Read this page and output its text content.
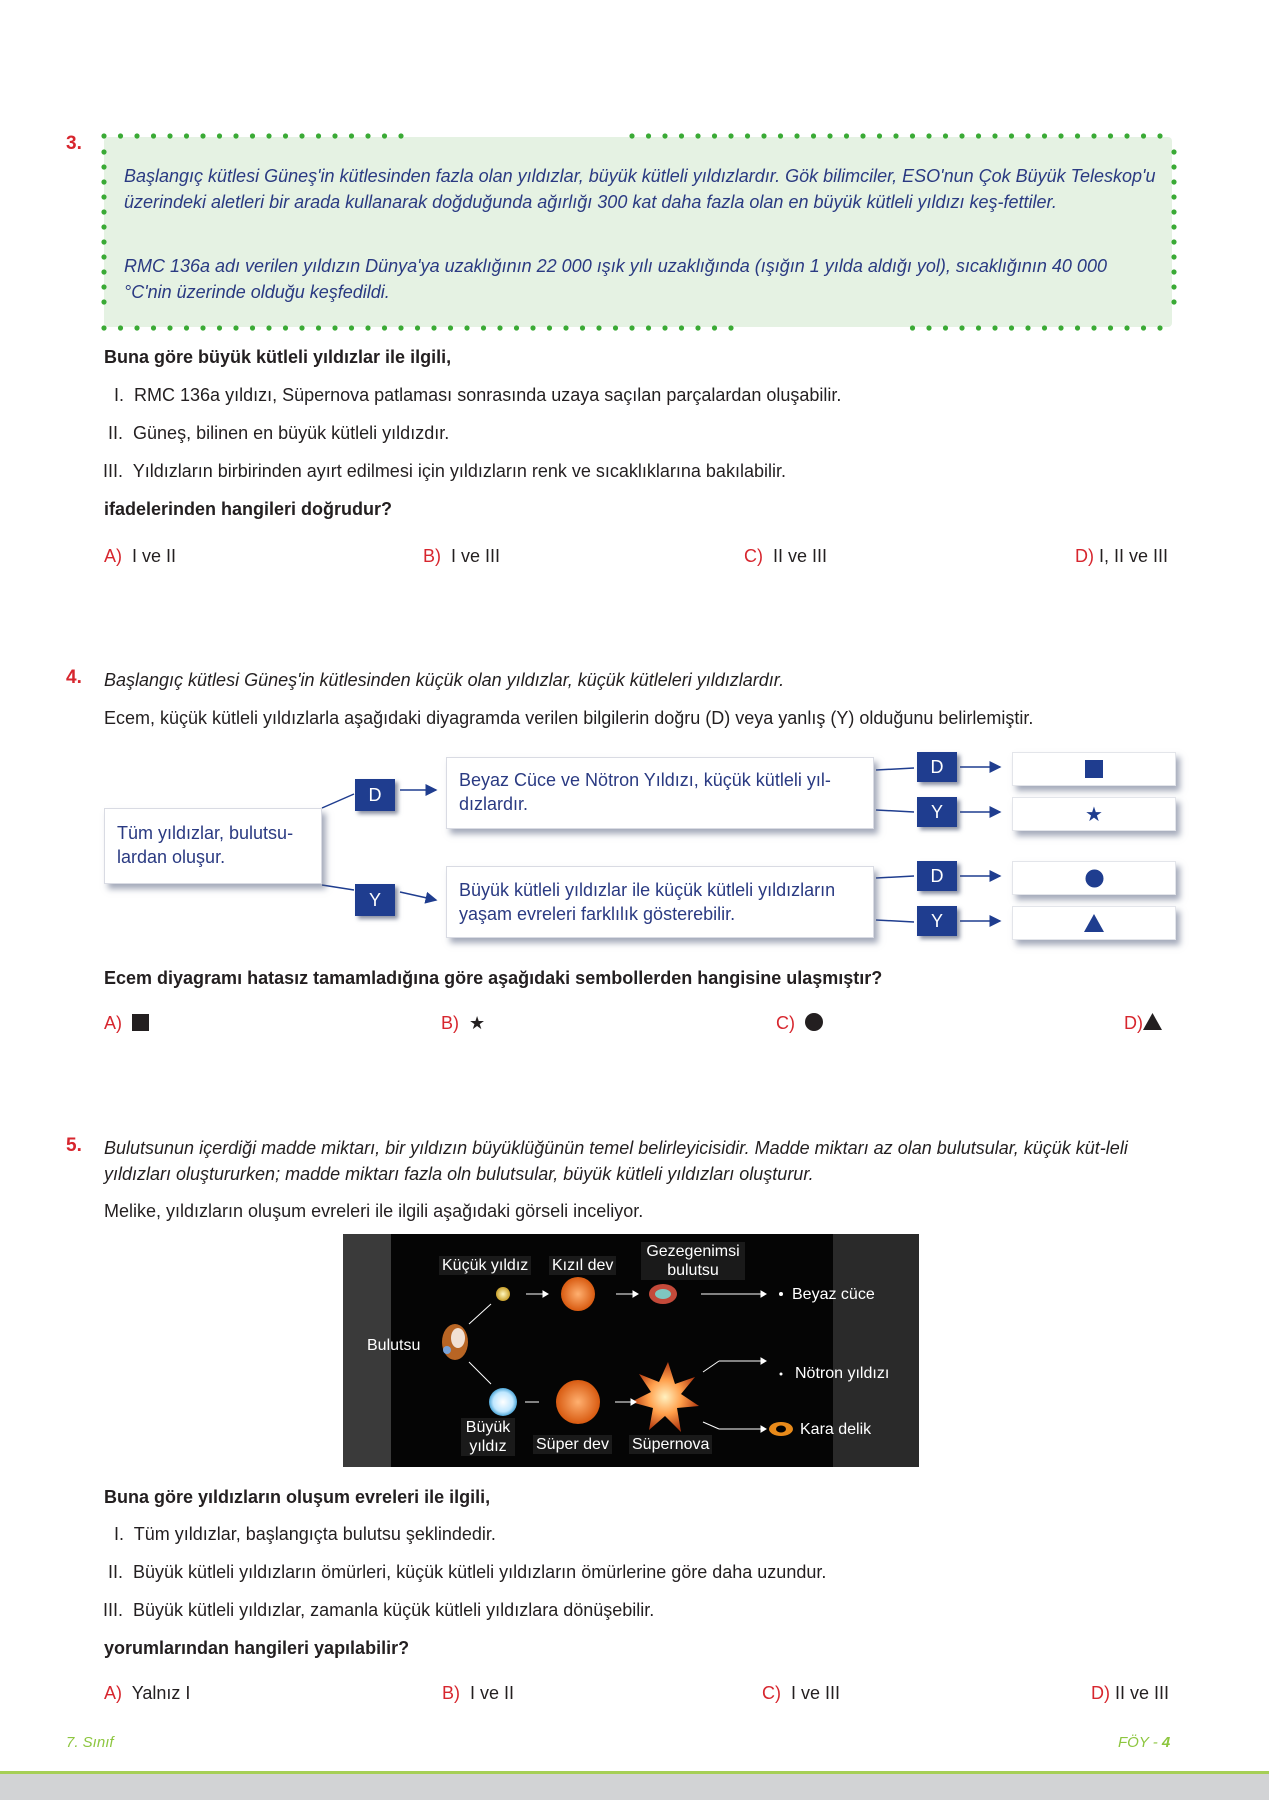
3.

Başlangıç kütlesi Güneş'in kütlesinden fazla olan yıldızlar, büyük kütleli yıldızlardır. Gök bilimciler, ESO'nun Çok Büyük Teleskop'u üzerindeki aletleri bir arada kullanarak doğduğunda ağırlığı 300 kat daha fazla olan en büyük kütleli yıldızı keş-fettiler.

RMC 136a adı verilen yıldızın Dünya'ya uzaklığının 22 000 ışık yılı uzaklığında (ışığın 1 yılda aldığı yol), sıcaklığının 40 000 °C'nin üzerinde olduğu keşfedildi.

Buna göre büyük kütleli yıldızlar ile ilgili,
I. RMC 136a yıldızı, Süpernova patlaması sonrasında uzaya saçılan parçalardan oluşabilir.
II. Güneş, bilinen en büyük kütleli yıldızdır.
III. Yıldızların birbirinden ayırt edilmesi için yıldızların renk ve sıcaklıklarına bakılabilir.
ifadelerinden hangileri doğrudur?
A) I ve II	B) I ve III	C) II ve III	D) I, II ve III
4. Başlangıç kütlesi Güneş'in kütlesinden küçük olan yıldızlar, küçük kütleleri yıldızlardır.
Ecem, küçük kütleli yıldızlarla aşağıdaki diyagramda verilen bilgilerin doğru (D) veya yanlış (Y) olduğunu belirlemiştir.
Tüm yıldızlar, bulutsu-lardan oluşur.
D
Y
Beyaz Cüce ve Nötron Yıldızı, küçük kütleli yıl-dızlardır.
Büyük kütleli yıldızlar ile küçük kütleli yıldızların yaşam evreleri farklılık gösterebilir.
D
Y
D
Y
★
Ecem diyagramı hatasız tamamladığına göre aşağıdaki sembollerden hangisine ulaşmıştır?
A)	B) ★	C)	D)
5. Bulutsunun içerdiği madde miktarı, bir yıldızın büyüklüğünün temel belirleyicisidir. Madde miktarı az olan bulutsular, küçük küt-leli yıldızları oluştururken; madde miktarı fazla oln bulutsular, büyük kütleli yıldızları oluşturur.
Melike, yıldızların oluşum evreleri ile ilgili aşağıdaki görseli inceliyor.
Küçük yıldız Kızıl dev
Gezegenimsi
bulutsu
Beyaz cüce
Bulutsu
Nötron yıldızı
Büyük
yıldız	Süper dev Süpernova
Kara delik
Buna göre yıldızların oluşum evreleri ile ilgili,
I. Tüm yıldızlar, başlangıçta bulutsu şeklindedir.
II. Büyük kütleli yıldızların ömürleri, küçük kütleli yıldızların ömürlerine göre daha uzundur.
III. Büyük kütleli yıldızlar, zamanla küçük kütleli yıldızlara dönüşebilir.
yorumlarından hangileri yapılabilir?
A) Yalnız I	B) I ve II	C) I ve III	D) II ve III
7. Sınıf	FÖY - 4
